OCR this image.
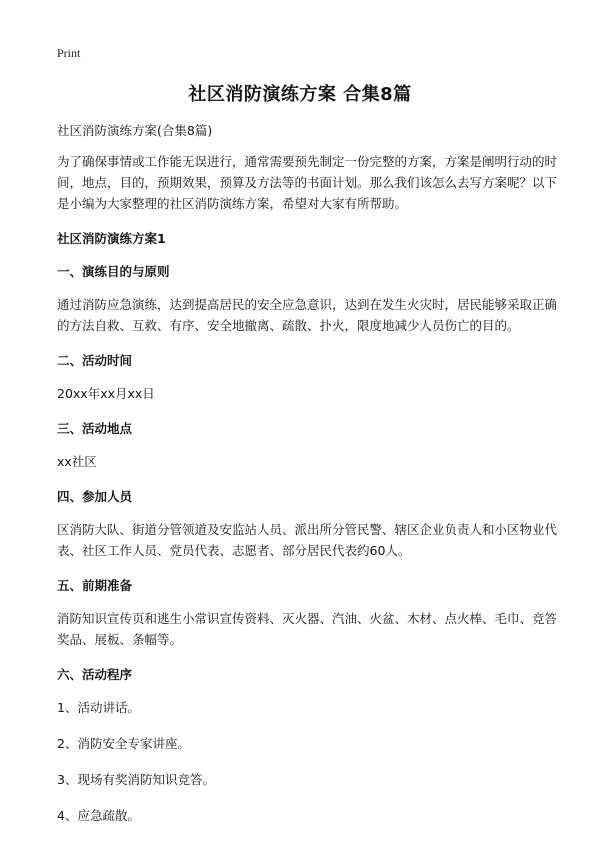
Print
社区消防演练方案 合集8篇

社区消防演练方案(合集8篇)

为了确保事情或工作能无误进行，通常需要预先制定一份完整的方案，方案是阐明行动的时间，地点，目的，预期效果，预算及方法等的书面计划。那么我们该怎么去写方案呢？以下是小编为大家整理的社区消防演练方案，希望对大家有所帮助。

社区消防演练方案1

一、演练目的与原则

通过消防应急演练，达到提高居民的安全应急意识，达到在发生火灾时，居民能够采取正确的方法自救、互救、有序、安全地撤离、疏散、扑火，限度地减少人员伤亡的目的。

二、活动时间

20xx年xx月xx日

三、活动地点

xx社区

四、参加人员

区消防大队、街道分管领道及安监站人员、派出所分管民警、辖区企业负责人和小区物业代表、社区工作人员、党员代表、志愿者、部分居民代表约60人。

五、前期准备

消防知识宣传页和逃生小常识宣传资料、灭火器、汽油、火盆、木材、点火棒、毛巾、竞答奖品、展板、条幅等。

六、活动程序

1、活动讲话。

2、消防安全专家讲座。

3、现场有奖消防知识竞答。

4、应急疏散。
